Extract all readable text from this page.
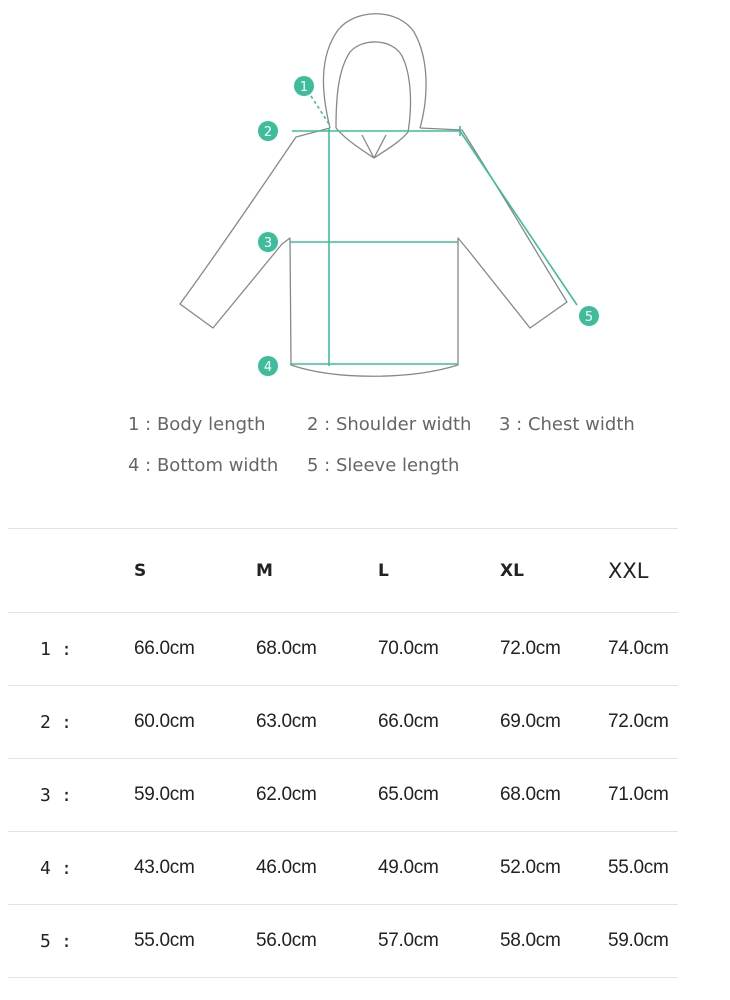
1
2
3
4
5
1 : Body length 2 : Shoulder width 3 : Chest width
4 : Bottom width 5 : Sleeve length
	S	M	L	XL	XXL
1 :	66.0cm	68.0cm	70.0cm	72.0cm	74.0cm
2 :	60.0cm	63.0cm	66.0cm	69.0cm	72.0cm
3 :	59.0cm	62.0cm	65.0cm	68.0cm	71.0cm
4 :	43.0cm	46.0cm	49.0cm	52.0cm	55.0cm
5 :	55.0cm	56.0cm	57.0cm	58.0cm	59.0cm
